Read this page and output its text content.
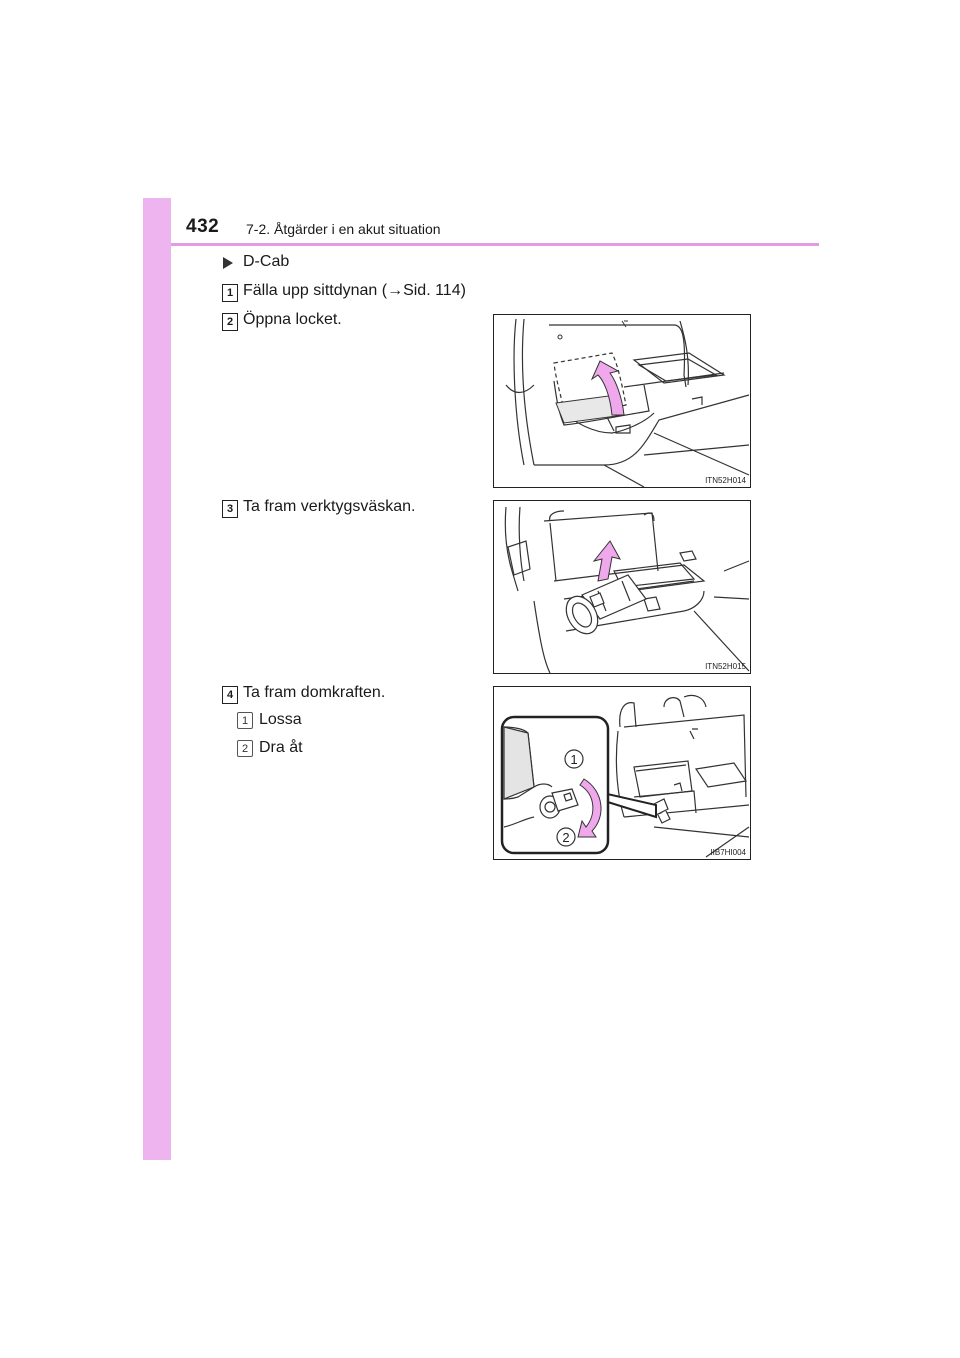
432 7-2. Åtgärder i en akut situation
D-Cab
1 Fälla upp sittdynan (→Sid. 114)
2 Öppna locket.
3 Ta fram verktygsväskan.
4 Ta fram domkraften.
1 Lossa
2 Dra åt
ITN52H014
ITN52H015
1
2
IIB7HI004
